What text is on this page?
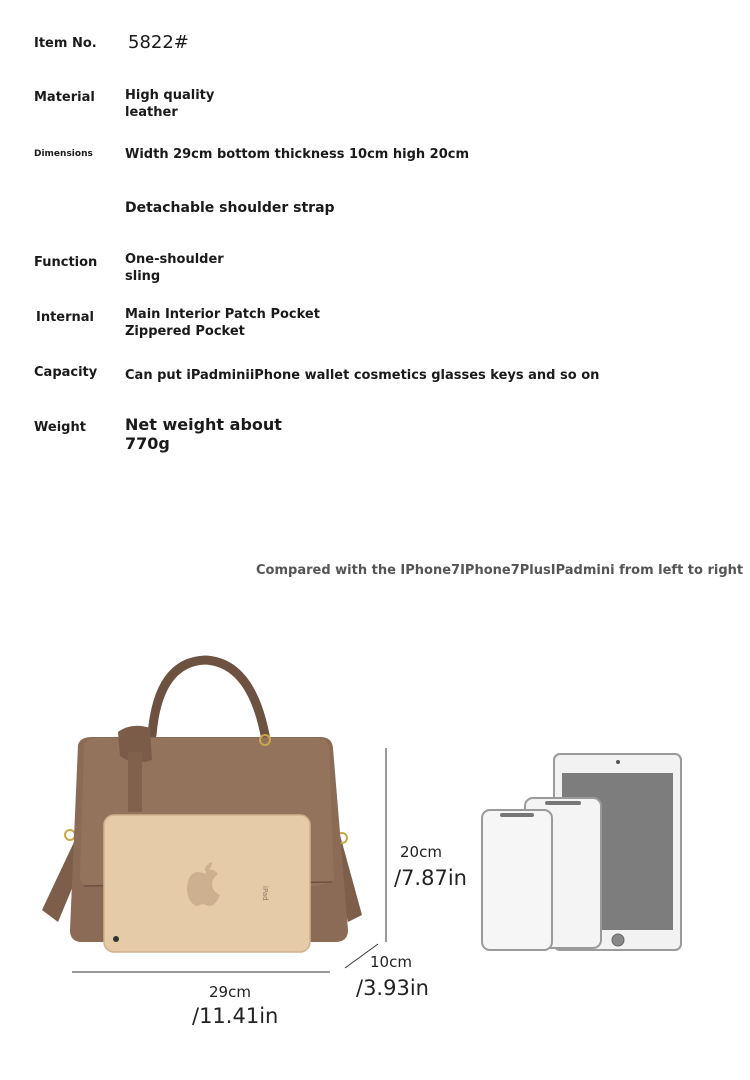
Item No. 5822#
Material High quality
leather
Dimensions Width 29cm bottom thickness 10cm high 20cm
Detachable shoulder strap
Function One-shoulder
sling
Internal Main Interior Patch Pocket
Zippered Pocket
Capacity Can put iPadminiiPhone wallet cosmetics glasses keys and so on
Weight Net weight about
770g
Compared with the IPhone7IPhone7PlusIPadmini from left to right
iPad
20cm
/7.87in
10cm
/3.93in
29cm
/11.41in
